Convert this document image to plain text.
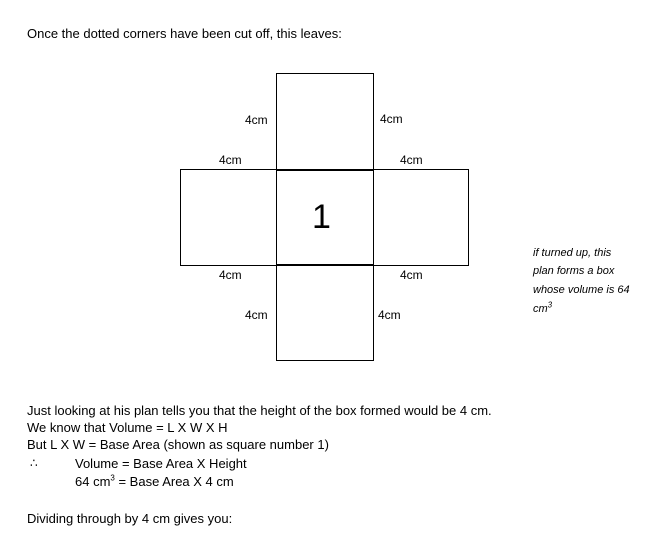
Once the dotted corners have been cut off, this leaves:
1
4cm	4cm
4cm	4cm
4cm	4cm
4cm	4cm
if turned up, this
plan forms a box
whose volume is 64
$cm^3$
Just looking at his plan tells you that the height of the box formed would be 4 cm.
We know that Volume = L X W X H
But L X W = Base Area (shown as square number 1)
∴	Volume = Base Area X Height
64 $cm^3$ = Base Area X 4 cm
Dividing through by 4 cm gives you:
